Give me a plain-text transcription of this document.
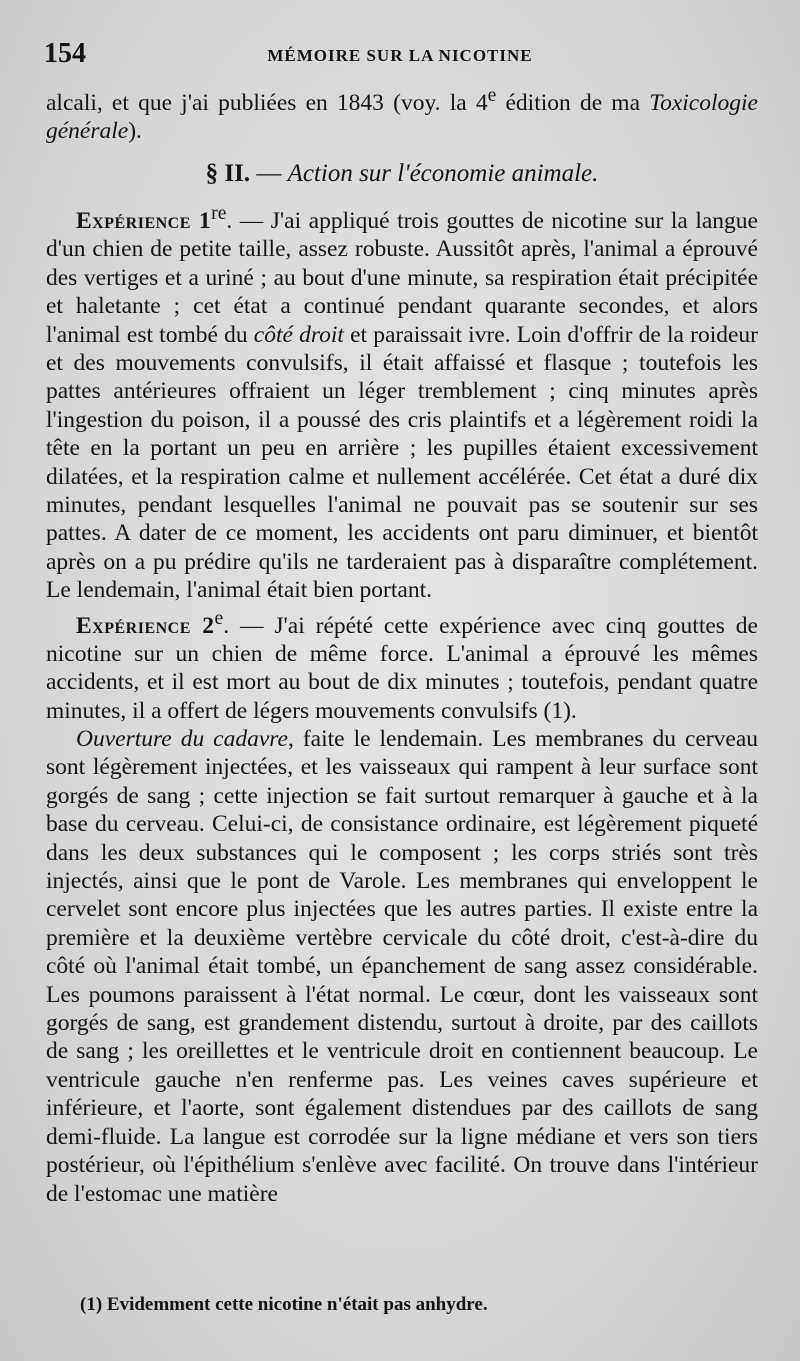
154	MÉMOIRE SUR LA NICOTINE

alcali, et que j'ai publiées en 1843 (voy. la 4e édition de ma Toxicologie générale).

§ II. — Action sur l'économie animale.

Expérience 1re. — J'ai appliqué trois gouttes de nicotine sur la langue d'un chien de petite taille, assez robuste. Aussitôt après, l'animal a éprouvé des vertiges et a uriné ; au bout d'une minute, sa respiration était précipitée et haletante ; cet état a continué pendant quarante secondes, et alors l'animal est tombé du côté droit et paraissait ivre. Loin d'offrir de la roideur et des mouvements convulsifs, il était affaissé et flasque ; toutefois les pattes antérieures offraient un léger tremblement ; cinq minutes après l'ingestion du poison, il a poussé des cris plaintifs et a légèrement roidi la tête en la portant un peu en arrière ; les pupilles étaient excessivement dilatées, et la respiration calme et nullement accélérée. Cet état a duré dix minutes, pendant lesquelles l'animal ne pouvait pas se soutenir sur ses pattes. A dater de ce moment, les accidents ont paru diminuer, et bientôt après on a pu prédire qu'ils ne tarderaient pas à disparaître complétement. Le lendemain, l'animal était bien portant.

Expérience 2e. — J'ai répété cette expérience avec cinq gouttes de nicotine sur un chien de même force. L'animal a éprouvé les mêmes accidents, et il est mort au bout de dix minutes ; toutefois, pendant quatre minutes, il a offert de légers mouvements convulsifs (1).

Ouverture du cadavre, faite le lendemain. Les membranes du cerveau sont légèrement injectées, et les vaisseaux qui rampent à leur surface sont gorgés de sang ; cette injection se fait surtout remarquer à gauche et à la base du cerveau. Celui-ci, de consistance ordinaire, est légèrement piqueté dans les deux substances qui le composent ; les corps striés sont très injectés, ainsi que le pont de Varole. Les membranes qui enveloppent le cervelet sont encore plus injectées que les autres parties. Il existe entre la première et la deuxième vertèbre cervicale du côté droit, c'est-à-dire du côté où l'animal était tombé, un épanchement de sang assez considérable. Les poumons paraissent à l'état normal. Le cœur, dont les vaisseaux sont gorgés de sang, est grandement distendu, surtout à droite, par des caillots de sang ; les oreillettes et le ventricule droit en contiennent beaucoup. Le ventricule gauche n'en renferme pas. Les veines caves supérieure et inférieure, et l'aorte, sont également distendues par des caillots de sang demi-fluide. La langue est corrodée sur la ligne médiane et vers son tiers postérieur, où l'épithélium s'enlève avec facilité. On trouve dans l'intérieur de l'estomac une matière

(1) Evidemment cette nicotine n'était pas anhydre.
